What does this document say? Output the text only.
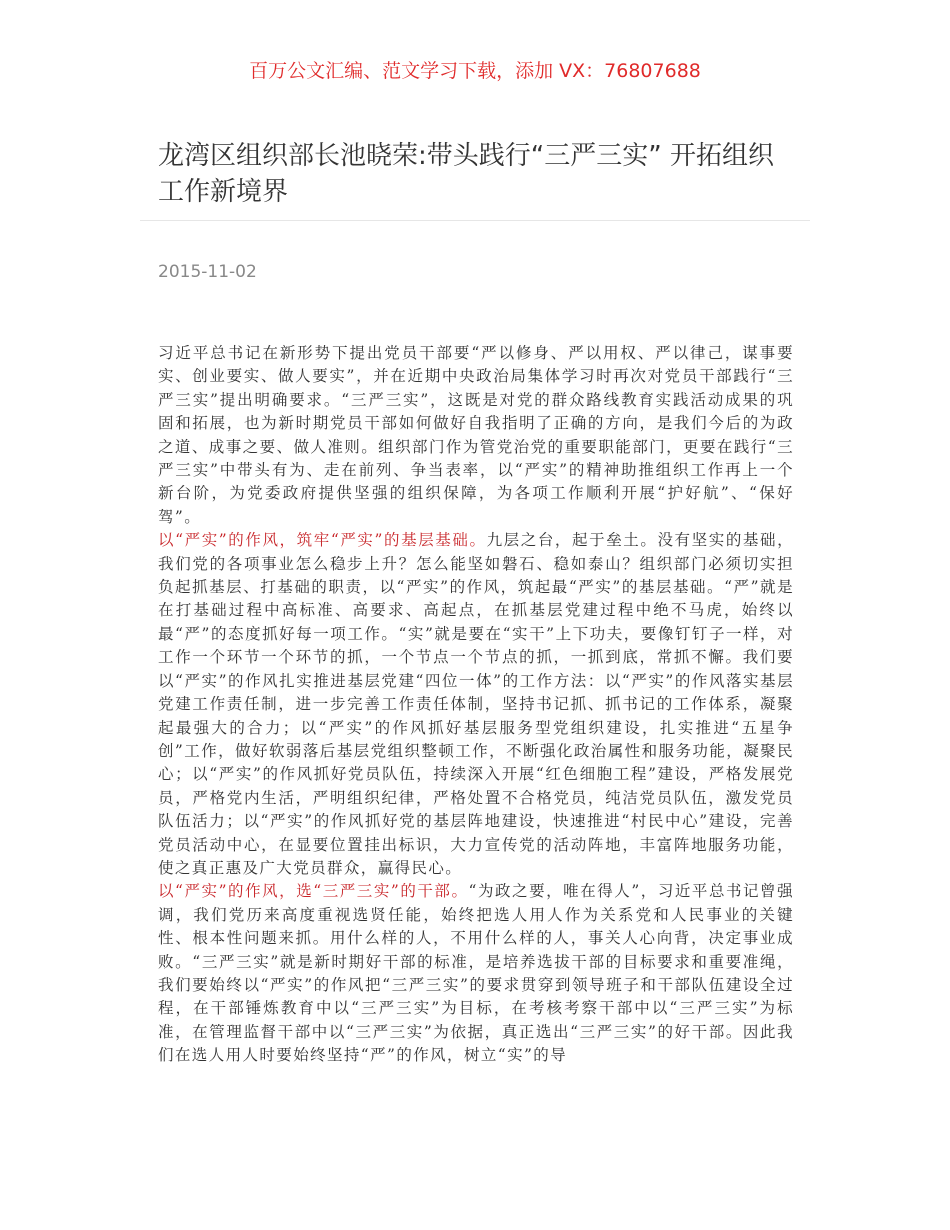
百万公文汇编、范文学习下载，添加 VX：76807688
龙湾区组织部长池晓荣:带头践行“三严三实” 开拓组织工作新境界
2015-11-02

习近平总书记在新形势下提出党员干部要“严以修身、严以用权、严以律己，谋事要实、创业要实、做人要实”，并在近期中央政治局集体学习时再次对党员干部践行“三严三实”提出明确要求。“三严三实”，这既是对党的群众路线教育实践活动成果的巩固和拓展，也为新时期党员干部如何做好自我指明了正确的方向，是我们今后的为政之道、成事之要、做人准则。组织部门作为管党治党的重要职能部门，更要在践行“三严三实”中带头有为、走在前列、争当表率，以“严实”的精神助推组织工作再上一个新台阶，为党委政府提供坚强的组织保障，为各项工作顺利开展“护好航”、“保好驾”。

以“严实”的作风，筑牢“严实”的基层基础。九层之台，起于垒土。没有坚实的基础，我们党的各项事业怎么稳步上升？怎么能坚如磐石、稳如泰山？组织部门必须切实担负起抓基层、打基础的职责，以“严实”的作风，筑起最“严实”的基层基础。“严”就是在打基础过程中高标准、高要求、高起点，在抓基层党建过程中绝不马虎，始终以最“严”的态度抓好每一项工作。“实”就是要在“实干”上下功夫，要像钉钉子一样，对工作一个环节一个环节的抓，一个节点一个节点的抓，一抓到底，常抓不懈。我们要以“严实”的作风扎实推进基层党建“四位一体”的工作方法：以“严实”的作风落实基层党建工作责任制，进一步完善工作责任体制，坚持书记抓、抓书记的工作体系，凝聚起最强大的合力；以“严实”的作风抓好基层服务型党组织建设，扎实推进“五星争创”工作，做好软弱落后基层党组织整顿工作，不断强化政治属性和服务功能，凝聚民心；以“严实”的作风抓好党员队伍，持续深入开展“红色细胞工程”建设，严格发展党员，严格党内生活，严明组织纪律，严格处置不合格党员，纯洁党员队伍，激发党员队伍活力；以“严实”的作风抓好党的基层阵地建设，快速推进“村民中心”建设，完善党员活动中心，在显要位置挂出标识，大力宣传党的活动阵地，丰富阵地服务功能，使之真正惠及广大党员群众，赢得民心。

以“严实”的作风，选“三严三实”的干部。“为政之要，唯在得人”，习近平总书记曾强调，我们党历来高度重视选贤任能，始终把选人用人作为关系党和人民事业的关键性、根本性问题来抓。用什么样的人，不用什么样的人，事关人心向背，决定事业成败。“三严三实”就是新时期好干部的标准，是培养选拔干部的目标要求和重要准绳，我们要始终以“严实”的作风把“三严三实”的要求贯穿到领导班子和干部队伍建设全过程，在干部锤炼教育中以“三严三实”为目标，在考核考察干部中以“三严三实”为标准，在管理监督干部中以“三严三实”为依据，真正选出“三严三实”的好干部。因此我们在选人用人时要始终坚持“严”的作风，树立“实”的导
